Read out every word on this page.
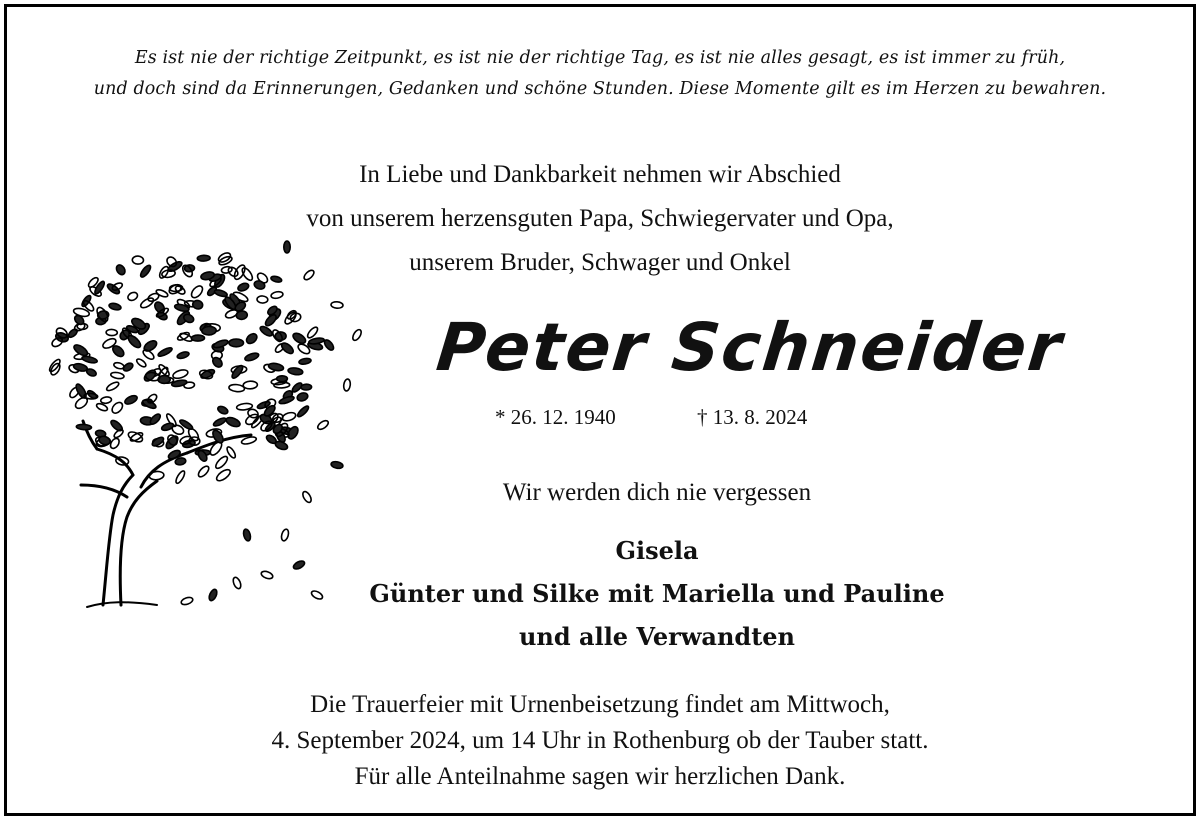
Es ist nie der richtige Zeitpunkt, es ist nie der richtige Tag, es ist nie alles gesagt, es ist immer zu früh,
und doch sind da Erinnerungen, Gedanken und schöne Stunden. Diese Momente gilt es im Herzen zu bewahren.
In Liebe und Dankbarkeit nehmen wir Abschied
von unserem herzensguten Papa, Schwiegervater und Opa,
unserem Bruder, Schwager und Onkel
Peter Schneider
* 26. 12. 1940	† 13. 8. 2024
Wir werden dich nie vergessen
Gisela
Günter und Silke mit Mariella und Pauline
und alle Verwandten
Die Trauerfeier mit Urnenbeisetzung findet am Mittwoch,
4. September 2024, um 14 Uhr in Rothenburg ob der Tauber statt.
Für alle Anteilnahme sagen wir herzlichen Dank.
